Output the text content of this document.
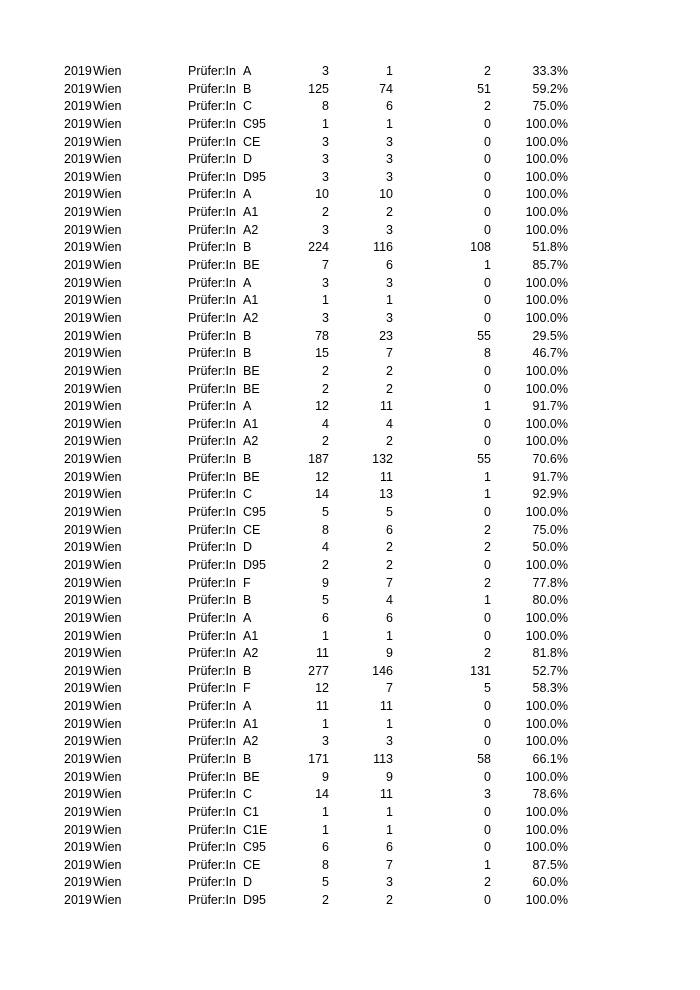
2019 Wien	Prüfer:In A	3	1	2	33.3%
2019 Wien	Prüfer:In B	125	74	51	59.2%
2019 Wien	Prüfer:In C	8	6	2	75.0%
2019 Wien	Prüfer:In C95	1	1	0	100.0%
2019 Wien	Prüfer:In CE	3	3	0	100.0%
2019 Wien	Prüfer:In D	3	3	0	100.0%
2019 Wien	Prüfer:In D95	3	3	0	100.0%
2019 Wien	Prüfer:In A	10	10	0	100.0%
2019 Wien	Prüfer:In A1	2	2	0	100.0%
2019 Wien	Prüfer:In A2	3	3	0	100.0%
2019 Wien	Prüfer:In B	224	116	108	51.8%
2019 Wien	Prüfer:In BE	7	6	1	85.7%
2019 Wien	Prüfer:In A	3	3	0	100.0%
2019 Wien	Prüfer:In A1	1	1	0	100.0%
2019 Wien	Prüfer:In A2	3	3	0	100.0%
2019 Wien	Prüfer:In B	78	23	55	29.5%
2019 Wien	Prüfer:In B	15	7	8	46.7%
2019 Wien	Prüfer:In BE	2	2	0	100.0%
2019 Wien	Prüfer:In BE	2	2	0	100.0%
2019 Wien	Prüfer:In A	12	11	1	91.7%
2019 Wien	Prüfer:In A1	4	4	0	100.0%
2019 Wien	Prüfer:In A2	2	2	0	100.0%
2019 Wien	Prüfer:In B	187	132	55	70.6%
2019 Wien	Prüfer:In BE	12	11	1	91.7%
2019 Wien	Prüfer:In C	14	13	1	92.9%
2019 Wien	Prüfer:In C95	5	5	0	100.0%
2019 Wien	Prüfer:In CE	8	6	2	75.0%
2019 Wien	Prüfer:In D	4	2	2	50.0%
2019 Wien	Prüfer:In D95	2	2	0	100.0%
2019 Wien	Prüfer:In F	9	7	2	77.8%
2019 Wien	Prüfer:In B	5	4	1	80.0%
2019 Wien	Prüfer:In A	6	6	0	100.0%
2019 Wien	Prüfer:In A1	1	1	0	100.0%
2019 Wien	Prüfer:In A2	11	9	2	81.8%
2019 Wien	Prüfer:In B	277	146	131	52.7%
2019 Wien	Prüfer:In F	12	7	5	58.3%
2019 Wien	Prüfer:In A	11	11	0	100.0%
2019 Wien	Prüfer:In A1	1	1	0	100.0%
2019 Wien	Prüfer:In A2	3	3	0	100.0%
2019 Wien	Prüfer:In B	171	113	58	66.1%
2019 Wien	Prüfer:In BE	9	9	0	100.0%
2019 Wien	Prüfer:In C	14	11	3	78.6%
2019 Wien	Prüfer:In C1	1	1	0	100.0%
2019 Wien	Prüfer:In C1E	1	1	0	100.0%
2019 Wien	Prüfer:In C95	6	6	0	100.0%
2019 Wien	Prüfer:In CE	8	7	1	87.5%
2019 Wien	Prüfer:In D	5	3	2	60.0%
2019 Wien	Prüfer:In D95	2	2	0	100.0%
